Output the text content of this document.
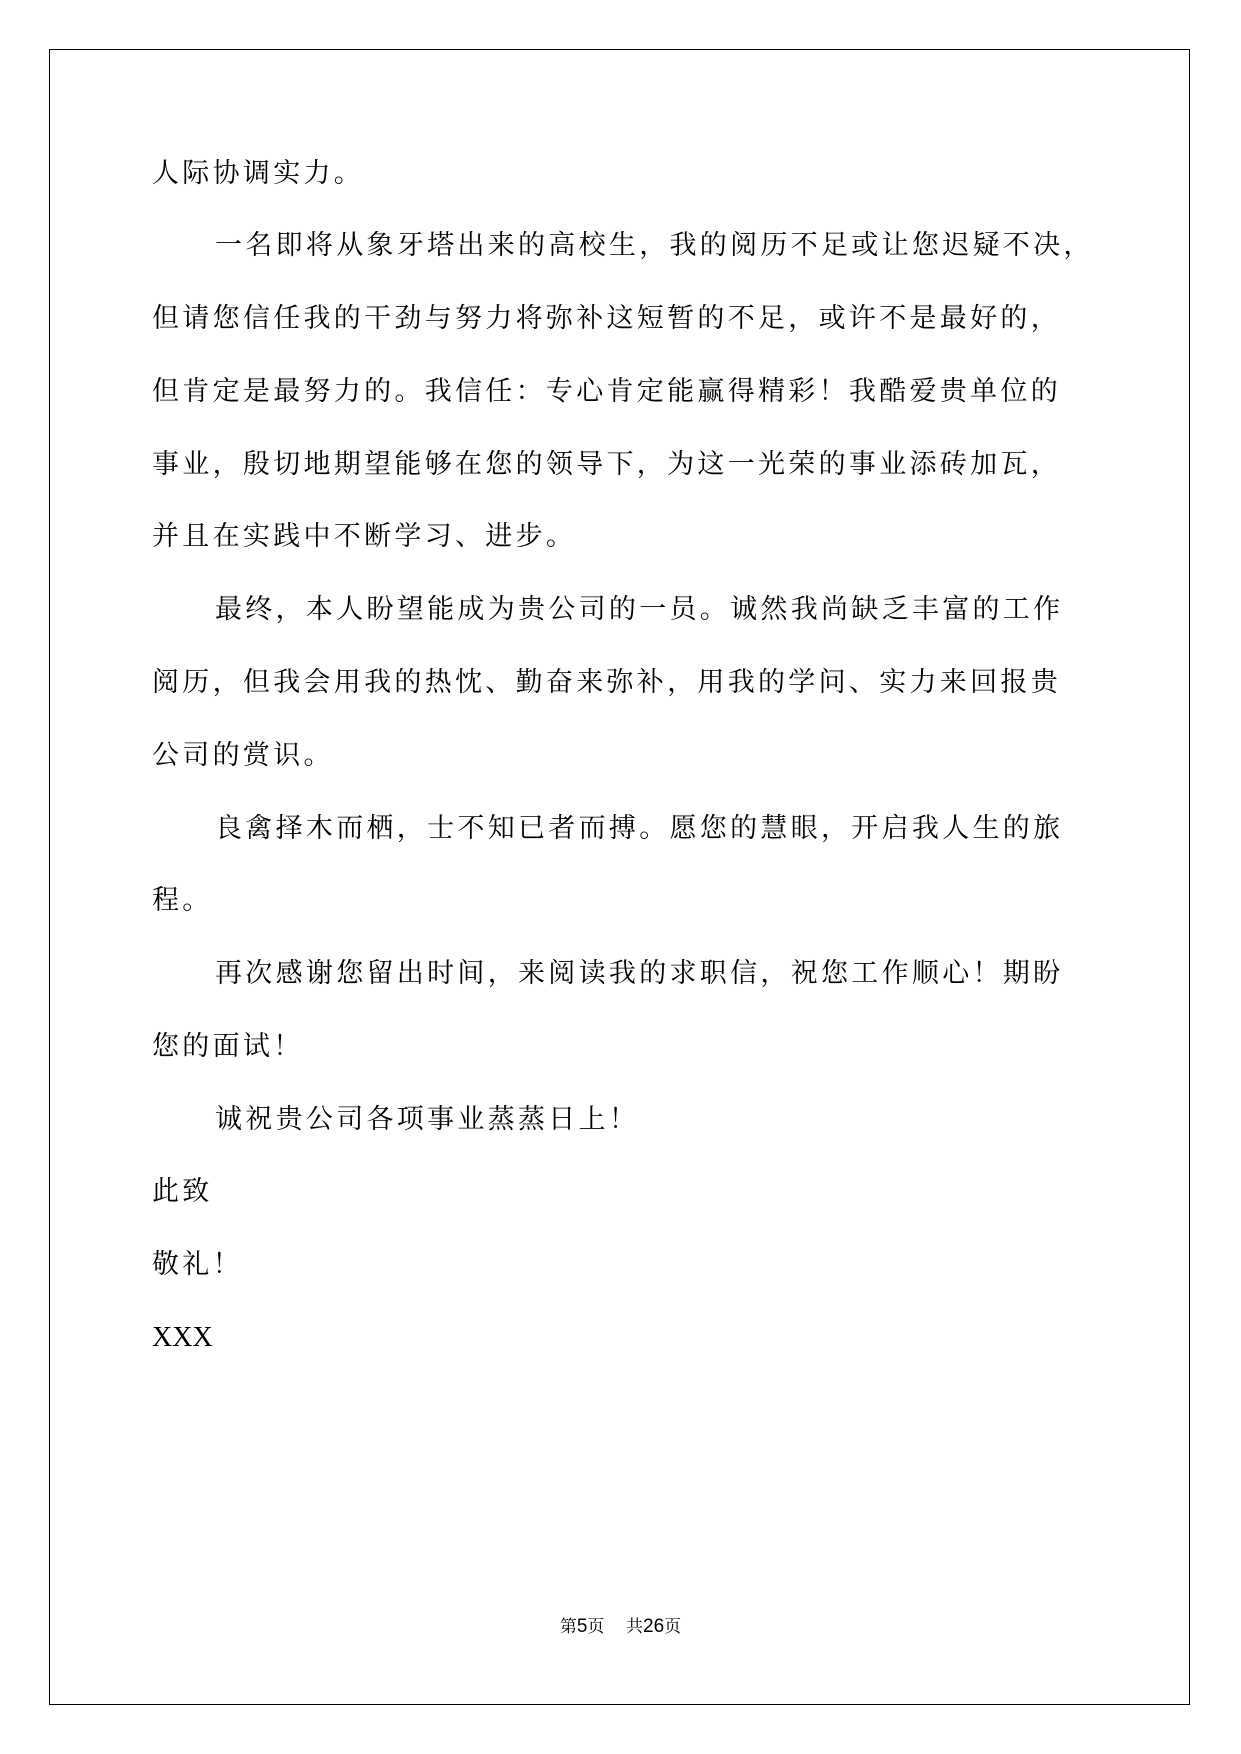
人际协调实力。
一名即将从象牙塔出来的高校生，我的阅历不足或让您迟疑不决，
但请您信任我的干劲与努力将弥补这短暂的不足，或许不是最好的，
但肯定是最努力的。我信任：专心肯定能赢得精彩！我酷爱贵单位的
事业，殷切地期望能够在您的领导下，为这一光荣的事业添砖加瓦，
并且在实践中不断学习、进步。
最终，本人盼望能成为贵公司的一员。诚然我尚缺乏丰富的工作
阅历，但我会用我的热忱、勤奋来弥补，用我的学问、实力来回报贵
公司的赏识。
良禽择木而栖，士不知已者而搏。愿您的慧眼，开启我人生的旅
程。
再次感谢您留出时间，来阅读我的求职信，祝您工作顺心！期盼
您的面试！
诚祝贵公司各项事业蒸蒸日上！
此致
敬礼！
XXX
第5页 共26页
